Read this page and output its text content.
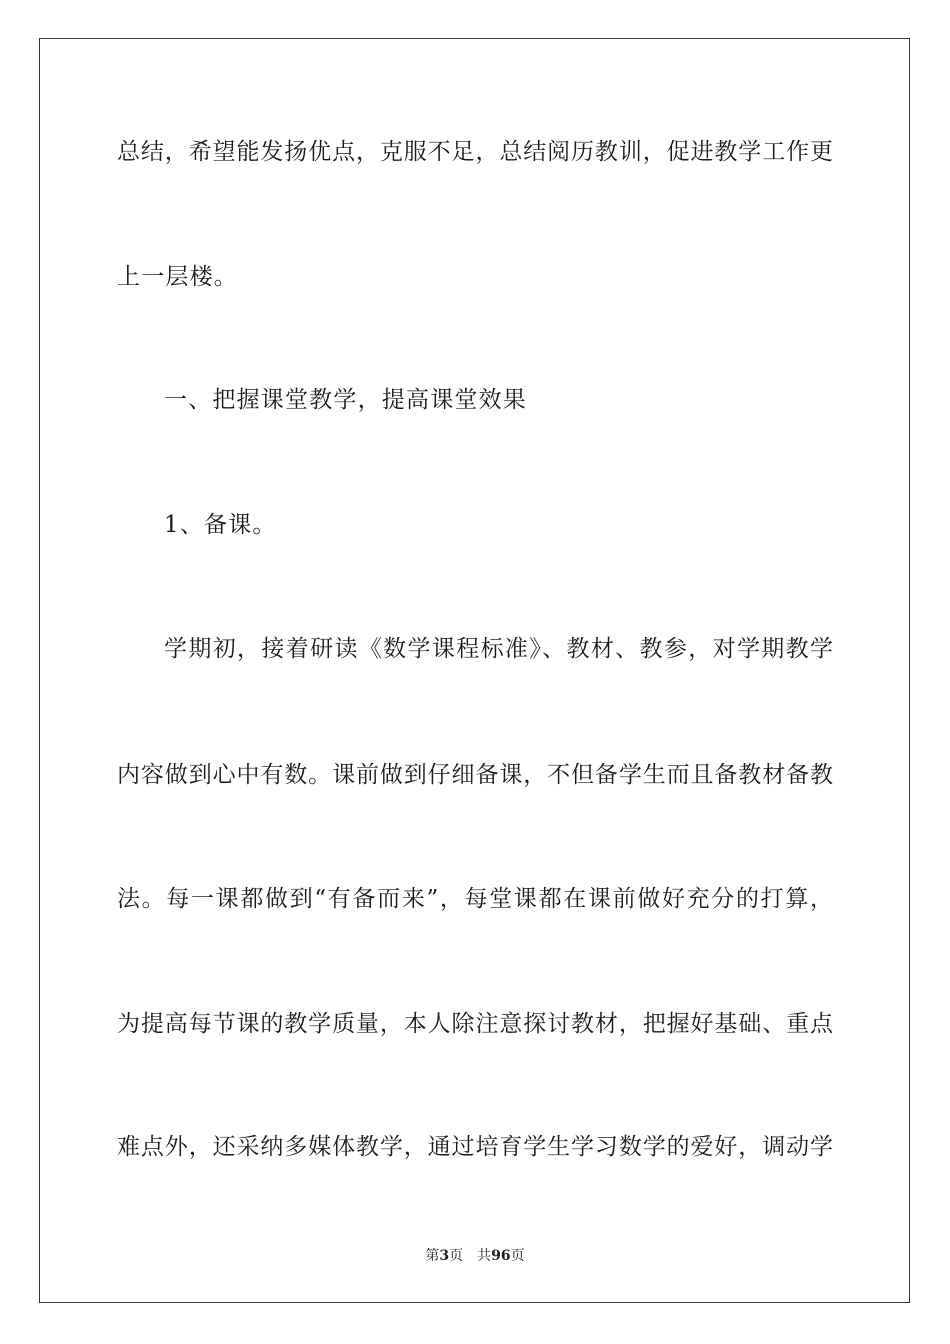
总结，希望能发扬优点，克服不足，总结阅历教训，促进教学工作更
上一层楼。
一、把握课堂教学，提高课堂效果
1、备课。
学期初，接着研读《数学课程标准》、教材、教参，对学期教学
内容做到心中有数。课前做到仔细备课，不但备学生而且备教材备教
法。每一课都做到“有备而来”，每堂课都在课前做好充分的打算，
为提高每节课的教学质量，本人除注意探讨教材，把握好基础、重点
难点外，还采纳多媒体教学，通过培育学生学习数学的爱好，调动学
第3页 共96页
